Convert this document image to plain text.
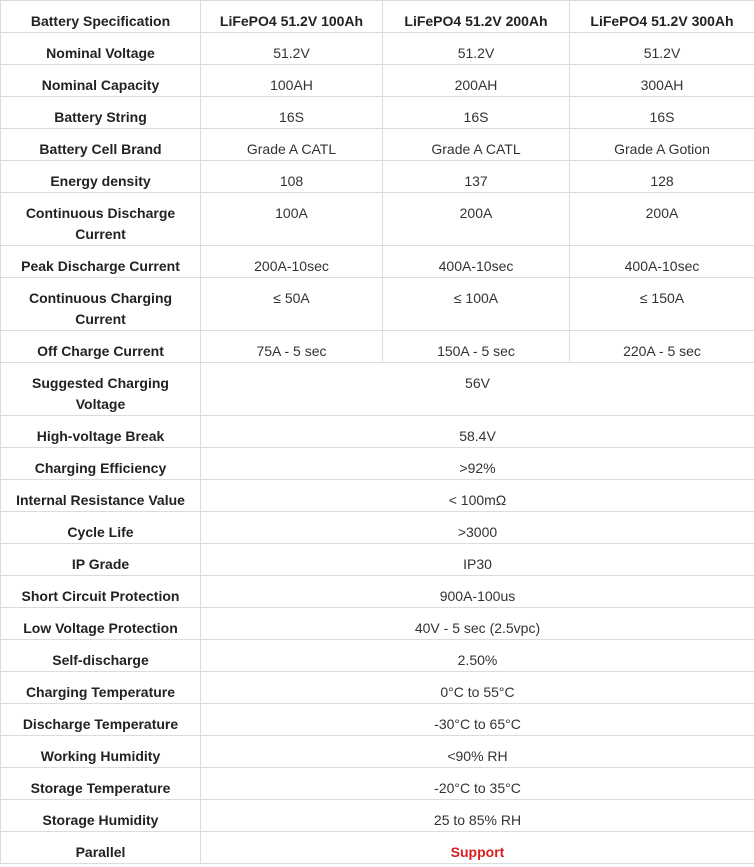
Battery Specification	LiFePO4 51.2V 100Ah	LiFePO4 51.2V 200Ah	LiFePO4 51.2V 300Ah
Nominal Voltage	51.2V	51.2V	51.2V
Nominal Capacity	100AH	200AH	300AH
Battery String	16S	16S	16S
Battery Cell Brand	Grade A CATL	Grade A CATL	Grade A Gotion
Energy density	108	137	128
Continuous Discharge Current	100A	200A	200A
Peak Discharge Current	200A-10sec	400A-10sec	400A-10sec
Continuous Charging Current	≤ 50A	≤ 100A	≤ 150A
Off Charge Current	75A - 5 sec	150A - 5 sec	220A - 5 sec
Suggested Charging Voltage	56V		
High-voltage Break	58.4V		
Charging Efficiency	>92%		
Internal Resistance Value	< 100mΩ		
Cycle Life	>3000		
IP Grade	IP30		
Short Circuit Protection	900A-100us		
Low Voltage Protection	40V - 5 sec (2.5vpc)		
Self-discharge	2.50%		
Charging Temperature	0°C to 55°C		
Discharge Temperature	-30°C to 65°C		
Working Humidity	<90% RH		
Storage Temperature	-20°C to 35°C		
Storage Humidity	25 to 85% RH		
Parallel	Support		
